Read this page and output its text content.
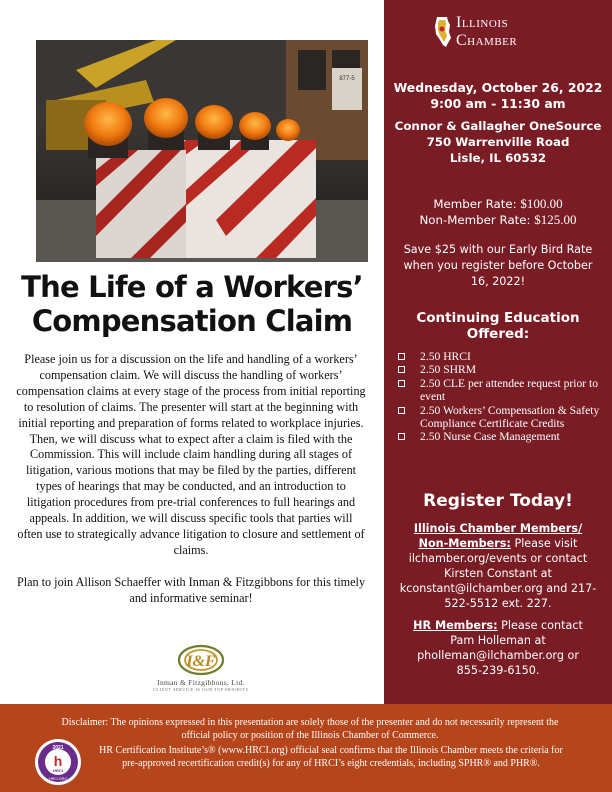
877-5
The Life of a Workers’
Compensation Claim

Please join us for a discussion on the life and handling of a workers’ compensation claim. We will discuss the handling of workers’ compensation claims at every stage of the process from initial reporting to resolution of claims. The presenter will start at the beginning with initial reporting and preparation of forms related to workplace injuries. Then, we will discuss what to expect after a claim is filed with the Commission. This will include claim handling during all stages of litigation, various motions that may be filed by the parties, different types of hearings that may be conducted, and an introduction to litigation procedures from pre-trial conferences to full hearings and appeals. In addition, we will discuss specific tools that parties will often use to strategically advance litigation to closure and settlement of claims.

Plan to join Allison Schaeffer with Inman & Fitzgibbons for this timely and informative seminar!

I&F
Inman & Fitzgibbons, Ltd.
CLIENT SERVICE IS OUR TOP PRIORITY
Illinois
Chamber
Wednesday, October 26, 2022
9:00 am - 11:30 am
Connor & Gallagher OneSource
750 Warrenville Road
Lisle, IL 60532
Member Rate: $100.00
Non-Member Rate: $125.00
Save $25 with our Early Bird Rate when you register before October 16, 2022!
Continuing Education
Offered:
2.50 HRCI
2.50 SHRM
2.50 CLE per attendee request prior to event
2.50 Workers’ Compensation & Safety Compliance Certificate Credits
2.50 Nurse Case Management
Register Today!
Illinois Chamber Members/
Non-Members: Please visit ilchamber.org/events or contact Kirsten Constant at kconstant@ilchamber.org and 217-522-5512 ext. 227.
HR Members: Please contact Pam Holleman at pholleman@ilchamber.org or 855-239-6150.
Disclaimer: The opinions expressed in this presentation are solely those of the presenter and do not necessarily represent the official policy or position of the Illinois Chamber of Commerce.
2021
h
HRCI
HRCI.ORG
HR Certification Institute’s® (www.HRCI.org) official seal confirms that the Illinois Chamber meets the criteria for pre-approved recertification credit(s) for any of HRCI’s eight credentials, including SPHR® and PHR®.
